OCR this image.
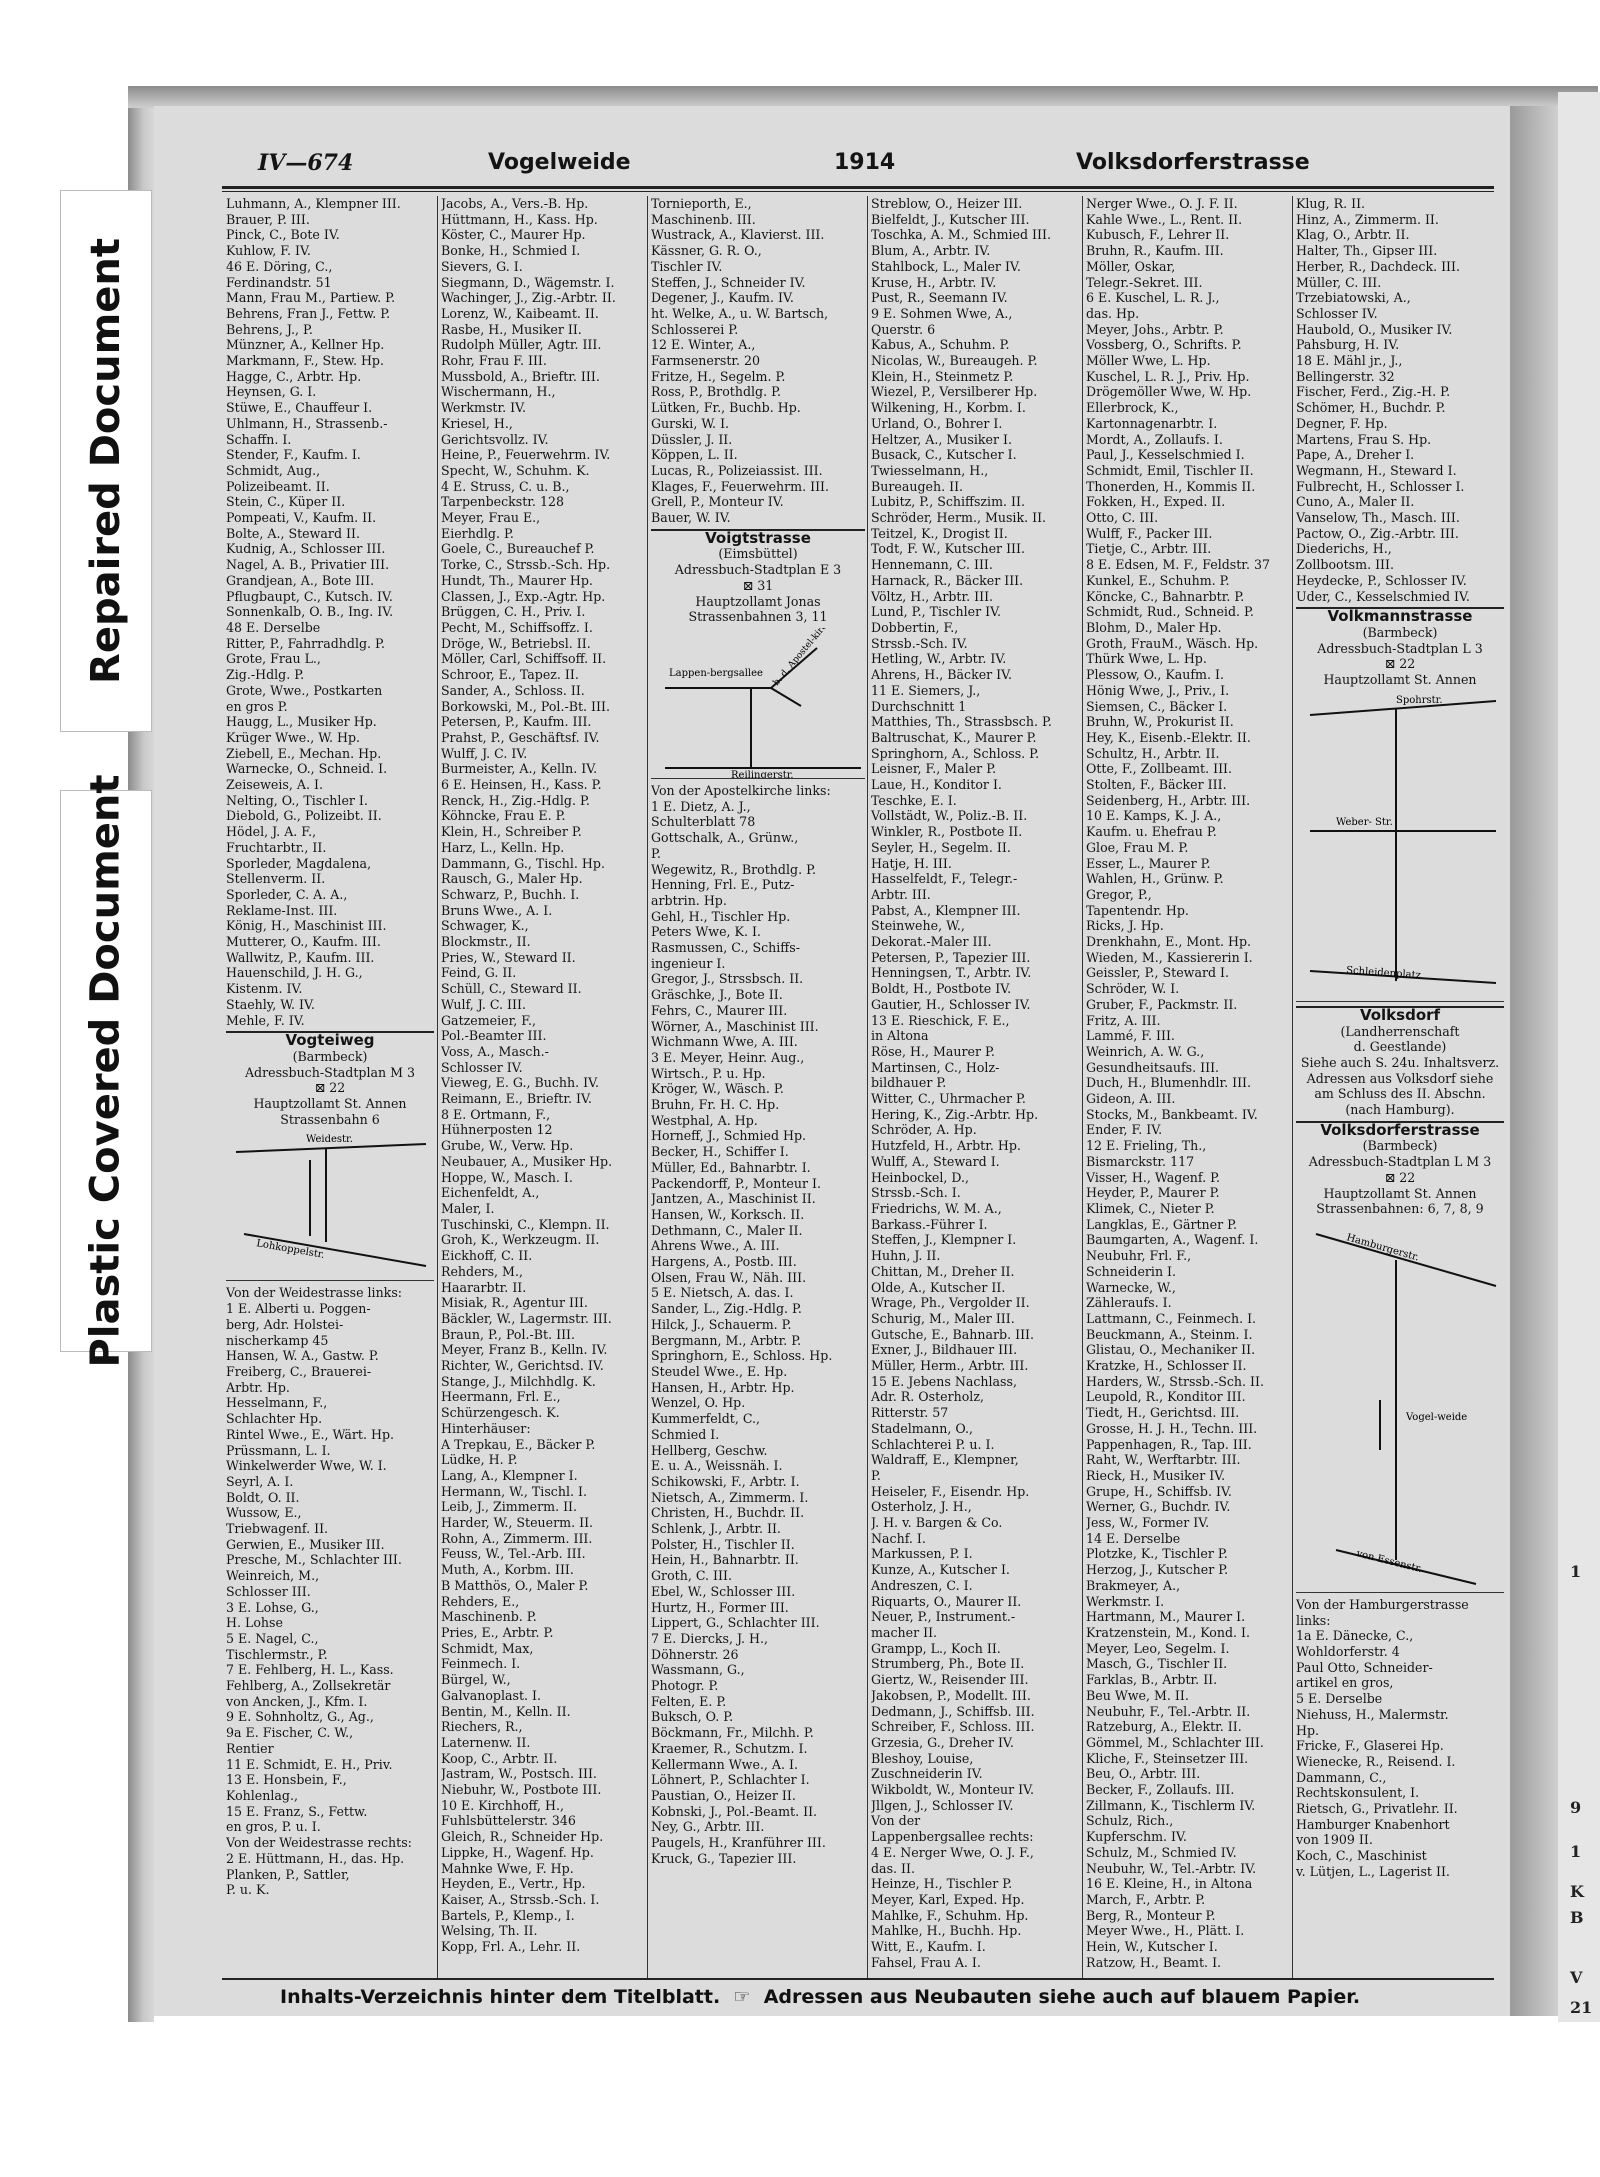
1
9
1
K
B
V
21
Repaired Document
Plastic Covered Document
IV—674	Vogelweide	1914	Volksdorferstrasse
Luhmann, A., Klempner III.
Brauer, P. III.
Pinck, C., Bote IV.
Kuhlow, F. IV.
46 E. Döring, C.,
Ferdinandstr. 51
Mann, Frau M., Partiew. P.
Behrens, Fran J., Fettw. P.
Behrens, J., P.
Münzner, A., Kellner Hp.
Markmann, F., Stew. Hp.
Hagge, C., Arbtr. Hp.
Heynsen, G. I.
Stüwe, E., Chauffeur I.
Uhlmann, H., Strassenb.-
Schaffn. I.
Stender, F., Kaufm. I.
Schmidt, Aug.,
Polizeibeamt. II.
Stein, C., Küper II.
Pompeati, V., Kaufm. II.
Bolte, A., Steward II.
Kudnig, A., Schlosser III.
Nagel, A. B., Privatier III.
Grandjean, A., Bote III.
Pflugbaupt, C., Kutsch. IV.
Sonnenkalb, O. B., Ing. IV.
48 E. Derselbe
Ritter, P., Fahrradhdlg. P.
Grote, Frau L.,
Zig.-Hdlg. P.
Grote, Wwe., Postkarten
en gros P.
Haugg, L., Musiker Hp.
Krüger Wwe., W. Hp.
Ziebell, E., Mechan. Hp.
Warnecke, O., Schneid. I.
Zeiseweis, A. I.
Nelting, O., Tischler I.
Diebold, G., Polizeibt. II.
Hödel, J. A. F.,
Fruchtarbtr., II.
Sporleder, Magdalena,
Stellenverm. II.
Sporleder, C. A. A.,
Reklame-Inst. III.
König, H., Maschinist III.
Mutterer, O., Kaufm. III.
Wallwitz, P., Kaufm. III.
Hauenschild, J. H. G.,
Kistenm. IV.
Staehly, W. IV.
Mehle, F. IV.
Vogteiweg
(Barmbeck)
Adressbuch-Stadtplan M 3
⊠ 22
Hauptzollamt St. Annen
Strassenbahn 6
Weidestr.
Lohkoppelstr.
Von der Weidestrasse links:
1 E. Alberti u. Poggen-
berg, Adr. Holstei-
nischerkamp 45
Hansen, W. A., Gastw. P.
Freiberg, C., Brauerei-
Arbtr. Hp.
Hesselmann, F.,
Schlachter Hp.
Rintel Wwe., E., Wärt. Hp.
Prüssmann, L. I.
Winkelwerder Wwe, W. I.
Seyrl, A. I.
Boldt, O. II.
Wussow, E.,
Triebwagenf. II.
Gerwien, E., Musiker III.
Presche, M., Schlachter III.
Weinreich, M.,
Schlosser III.
3 E. Lohse, G.,
H. Lohse
5 E. Nagel, C.,
Tischlermstr., P.
7 E. Fehlberg, H. L., Kass.
Fehlberg, A., Zollsekretär
von Ancken, J., Kfm. I.
9 E. Sohnholtz, G., Ag.,
9a E. Fischer, C. W.,
Rentier
11 E. Schmidt, E. H., Priv.
13 E. Honsbein, F.,
Kohlenlag.,
15 E. Franz, S., Fettw.
en gros, P. u. I.
Von der Weidestrasse rechts:
2 E. Hüttmann, H., das. Hp.
Planken, P., Sattler,
P. u. K.
Jacobs, A., Vers.-B. Hp.
Hüttmann, H., Kass. Hp.
Köster, C., Maurer Hp.
Bonke, H., Schmied I.
Sievers, G. I.
Siegmann, D., Wägemstr. I.
Wachinger, J., Zig.-Arbtr. II.
Lorenz, W., Kaibeamt. II.
Rasbe, H., Musiker II.
Rudolph Müller, Agtr. III.
Rohr, Frau F. III.
Mussbold, A., Brieftr. III.
Wischermann, H.,
Werkmstr. IV.
Kriesel, H.,
Gerichtsvollz. IV.
Heine, P., Feuerwehrm. IV.
Specht, W., Schuhm. K.
4 E. Struss, C. u. B.,
Tarpenbeckstr. 128
Meyer, Frau E.,
Eierhdlg. P.
Goele, C., Bureauchef P.
Torke, C., Strssb.-Sch. Hp.
Hundt, Th., Maurer Hp.
Classen, J., Exp.-Agtr. Hp.
Brüggen, C. H., Priv. I.
Pecht, M., Schiffsoffz. I.
Dröge, W., Betriebsl. II.
Möller, Carl, Schiffsoff. II.
Schroor, E., Tapez. II.
Sander, A., Schloss. II.
Borkowski, M., Pol.-Bt. III.
Petersen, P., Kaufm. III.
Prahst, P., Geschäftsf. IV.
Wulff, J. C. IV.
Burmeister, A., Kelln. IV.
6 E. Heinsen, H., Kass. P.
Renck, H., Zig.-Hdlg. P.
Köhncke, Frau E. P.
Klein, H., Schreiber P.
Harz, L., Kelln. Hp.
Dammann, G., Tischl. Hp.
Rausch, G., Maler Hp.
Schwarz, P., Buchh. I.
Bruns Wwe., A. I.
Schwager, K.,
Blockmstr., II.
Pries, W., Steward II.
Feind, G. II.
Schüll, C., Steward II.
Wulf, J. C. III.
Gatzemeier, F.,
Pol.-Beamter III.
Voss, A., Masch.-
Schlosser IV.
Vieweg, E. G., Buchh. IV.
Reimann, E., Brieftr. IV.
8 E. Ortmann, F.,
Hühnerposten 12
Grube, W., Verw. Hp.
Neubauer, A., Musiker Hp.
Hoppe, W., Masch. I.
Eichenfeldt, A.,
Maler, I.
Tuschinski, C., Klempn. II.
Groh, K., Werkzeugm. II.
Eickhoff, C. II.
Rehders, M.,
Haararbtr. II.
Misiak, R., Agentur III.
Bäckler, W., Lagermstr. III.
Braun, P., Pol.-Bt. III.
Meyer, Franz B., Kelln. IV.
Richter, W., Gerichtsd. IV.
Stange, J., Milchhdlg. K.
Heermann, Frl. E.,
Schürzengesch. K.
Hinterhäuser:
A Trepkau, E., Bäcker P.
Lüdke, H. P.
Lang, A., Klempner I.
Hermann, W., Tischl. I.
Leib, J., Zimmerm. II.
Harder, W., Steuerm. II.
Rohn, A., Zimmerm. III.
Feuss, W., Tel.-Arb. III.
Muth, A., Korbm. III.
B Matthös, O., Maler P.
Rehders, E.,
Maschinenb. P.
Pries, E., Arbtr. P.
Schmidt, Max,
Feinmech. I.
Bürgel, W.,
Galvanoplast. I.
Bentin, M., Kelln. II.
Riechers, R.,
Laternenw. II.
Koop, C., Arbtr. II.
Jastram, W., Postsch. III.
Niebuhr, W., Postbote III.
10 E. Kirchhoff, H.,
Fuhlsbüttelerstr. 346
Gleich, R., Schneider Hp.
Lippke, H., Wagenf. Hp.
Mahnke Wwe, F. Hp.
Heyden, E., Vertr., Hp.
Kaiser, A., Strssb.-Sch. I.
Bartels, P., Klemp., I.
Welsing, Th. II.
Kopp, Frl. A., Lehr. II.
Tornieporth, E.,
Maschinenb. III.
Wustrack, A., Klavierst. III.
Kässner, G. R. O.,
Tischler IV.
Steffen, J., Schneider IV.
Degener, J., Kaufm. IV.
ht. Welke, A., u. W. Bartsch,
Schlosserei P.
12 E. Winter, A.,
Farmsenerstr. 20
Fritze, H., Segelm. P.
Ross, P., Brothdlg. P.
Lütken, Fr., Buchb. Hp.
Gurski, W. I.
Düssler, J. II.
Köppen, L. II.
Lucas, R., Polizeiassist. III.
Klages, F., Feuerwehrm. III.
Grell, P., Monteur IV.
Bauer, W. IV.
Voigtstrasse
(Eimsbüttel)
Adressbuch-Stadtplan E 3
⊠ 31
Hauptzollamt Jonas
Strassenbahnen 3, 11
Lappen-bergsallee b. d. Apostel-kirche
Reilingerstr.
Von der Apostelkirche links:
1 E. Dietz, A. J.,
Schulterblatt 78
Gottschalk, A., Grünw.,
P.
Wegewitz, R., Brothdlg. P.
Henning, Frl. E., Putz-
arbtrin. Hp.
Gehl, H., Tischler Hp.
Peters Wwe, K. I.
Rasmussen, C., Schiffs-
ingenieur I.
Gregor, J., Strssbsch. II.
Gräschke, J., Bote II.
Fehrs, C., Maurer III.
Wörner, A., Maschinist III.
Wichmann Wwe, A. III.
3 E. Meyer, Heinr. Aug.,
Wirtsch., P. u. Hp.
Kröger, W., Wäsch. P.
Bruhn, Fr. H. C. Hp.
Westphal, A. Hp.
Horneff, J., Schmied Hp.
Becker, H., Schiffer I.
Müller, Ed., Bahnarbtr. I.
Packendorff, P., Monteur I.
Jantzen, A., Maschinist II.
Hansen, W., Korksch. II.
Dethmann, C., Maler II.
Ahrens Wwe., A. III.
Hargens, A., Postb. III.
Olsen, Frau W., Näh. III.
5 E. Nietsch, A. das. I.
Sander, L., Zig.-Hdlg. P.
Hilck, J., Schauerm. P.
Bergmann, M., Arbtr. P.
Springhorn, E., Schloss. Hp.
Steudel Wwe., E. Hp.
Hansen, H., Arbtr. Hp.
Wenzel, O. Hp.
Kummerfeldt, C.,
Schmied I.
Hellberg, Geschw.
E. u. A., Weissnäh. I.
Schikowski, F., Arbtr. I.
Nietsch, A., Zimmerm. I.
Christen, H., Buchdr. II.
Schlenk, J., Arbtr. II.
Polster, H., Tischler II.
Hein, H., Bahnarbtr. II.
Groth, C. III.
Ebel, W., Schlosser III.
Hurtz, H., Former III.
Lippert, G., Schlachter III.
7 E. Diercks, J. H.,
Döhnerstr. 26
Wassmann, G.,
Photogr. P.
Felten, E. P.
Buksch, O. P.
Böckmann, Fr., Milchh. P.
Kraemer, R., Schutzm. I.
Kellermann Wwe., A. I.
Löhnert, P., Schlachter I.
Paustian, O., Heizer II.
Kobnski, J., Pol.-Beamt. II.
Ney, G., Arbtr. III.
Paugels, H., Kranführer III.
Kruck, G., Tapezier III.
Streblow, O., Heizer III.
Bielfeldt, J., Kutscher III.
Toschka, A. M., Schmied III.
Blum, A., Arbtr. IV.
Stahlbock, L., Maler IV.
Kruse, H., Arbtr. IV.
Pust, R., Seemann IV.
9 E. Sohmen Wwe, A.,
Querstr. 6
Kabus, A., Schuhm. P.
Nicolas, W., Bureaugeh. P.
Klein, H., Steinmetz P.
Wiezel, P., Versilberer Hp.
Wilkening, H., Korbm. I.
Urland, O., Bohrer I.
Heltzer, A., Musiker I.
Busack, C., Kutscher I.
Twiesselmann, H.,
Bureaugeh. II.
Lubitz, P., Schiffszim. II.
Schröder, Herm., Musik. II.
Teitzel, K., Drogist II.
Todt, F. W., Kutscher III.
Hennemann, C. III.
Harnack, R., Bäcker III.
Völtz, H., Arbtr. III.
Lund, P., Tischler IV.
Dobbertin, F.,
Strssb.-Sch. IV.
Hetling, W., Arbtr. IV.
Ahrens, H., Bäcker IV.
11 E. Siemers, J.,
Durchschnitt 1
Matthies, Th., Strassbsch. P.
Baltruschat, K., Maurer P.
Springhorn, A., Schloss. P.
Leisner, F., Maler P.
Laue, H., Konditor I.
Teschke, E. I.
Vollstädt, W., Poliz.-B. II.
Winkler, R., Postbote II.
Seyler, H., Segelm. II.
Hatje, H. III.
Hasselfeldt, F., Telegr.-
Arbtr. III.
Pabst, A., Klempner III.
Steinwehe, W.,
Dekorat.-Maler III.
Petersen, P., Tapezier III.
Henningsen, T., Arbtr. IV.
Boldt, H., Postbote IV.
Gautier, H., Schlosser IV.
13 E. Rieschick, F. E.,
in Altona
Röse, H., Maurer P.
Martinsen, C., Holz-
bildhauer P.
Witter, C., Uhrmacher P.
Hering, K., Zig.-Arbtr. Hp.
Schröder, A. Hp.
Hutzfeld, H., Arbtr. Hp.
Wulff, A., Steward I.
Heinbockel, D.,
Strssb.-Sch. I.
Friedrichs, W. M. A.,
Barkass.-Führer I.
Steffen, J., Klempner I.
Huhn, J. II.
Chittan, M., Dreher II.
Olde, A., Kutscher II.
Wrage, Ph., Vergolder II.
Schurig, M., Maler III.
Gutsche, E., Bahnarb. III.
Exner, J., Bildhauer III.
Müller, Herm., Arbtr. III.
15 E. Jebens Nachlass,
Adr. R. Osterholz,
Ritterstr. 57
Stadelmann, O.,
Schlachterei P. u. I.
Waldraff, E., Klempner,
P.
Heiseler, F., Eisendr. Hp.
Osterholz, J. H.,
J. H. v. Bargen & Co.
Nachf. I.
Markussen, P. I.
Kunze, A., Kutscher I.
Andreszen, C. I.
Riquarts, O., Maurer II.
Neuer, P., Instrument.-
macher II.
Grampp, L., Koch II.
Strumberg, Ph., Bote II.
Giertz, W., Reisender III.
Jakobsen, P., Modellt. III.
Dedmann, J., Schiffsb. III.
Schreiber, F., Schloss. III.
Grzesia, G., Dreher IV.
Bleshoy, Louise,
Zuschneiderin IV.
Wikboldt, W., Monteur IV.
Jllgen, J., Schlosser IV.
Von der
Lappenbergsallee rechts:
4 E. Nerger Wwe, O. J. F.,
das. II.
Heinze, H., Tischler P.
Meyer, Karl, Exped. Hp.
Mahlke, F., Schuhm. Hp.
Mahlke, H., Buchh. Hp.
Witt, E., Kaufm. I.
Fahsel, Frau A. I.
Nerger Wwe., O. J. F. II.
Kahle Wwe., L., Rent. II.
Kubusch, F., Lehrer II.
Bruhn, R., Kaufm. III.
Möller, Oskar,
Telegr.-Sekret. III.
6 E. Kuschel, L. R. J.,
das. Hp.
Meyer, Johs., Arbtr. P.
Vossberg, O., Schrifts. P.
Möller Wwe, L. Hp.
Kuschel, L. R. J., Priv. Hp.
Drögemöller Wwe, W. Hp.
Ellerbrock, K.,
Kartonnagenarbtr. I.
Mordt, A., Zollaufs. I.
Paul, J., Kesselschmied I.
Schmidt, Emil, Tischler II.
Thonerden, H., Kommis II.
Fokken, H., Exped. II.
Otto, C. III.
Wulff, F., Packer III.
Tietje, C., Arbtr. III.
8 E. Edsen, M. F., Feldstr. 37
Kunkel, E., Schuhm. P.
Köncke, C., Bahnarbtr. P.
Schmidt, Rud., Schneid. P.
Blohm, D., Maler Hp.
Groth, FrauM., Wäsch. Hp.
Thürk Wwe, L. Hp.
Plessow, O., Kaufm. I.
Hönig Wwe, J., Priv., I.
Siemsen, C., Bäcker I.
Bruhn, W., Prokurist II.
Hey, K., Eisenb.-Elektr. II.
Schultz, H., Arbtr. II.
Otte, F., Zollbeamt. III.
Stolten, F., Bäcker III.
Seidenberg, H., Arbtr. III.
10 E. Kamps, K. J. A.,
Kaufm. u. Ehefrau P.
Gloe, Frau M. P.
Esser, L., Maurer P.
Wahlen, H., Grünw. P.
Gregor, P.,
Tapentendr. Hp.
Ricks, J. Hp.
Drenkhahn, E., Mont. Hp.
Wieden, M., Kassiererin I.
Geissler, P., Steward I.
Schröder, W. I.
Gruber, F., Packmstr. II.
Fritz, A. III.
Lammé, F. III.
Weinrich, A. W. G.,
Gesundheitsaufs. III.
Duch, H., Blumenhdlr. III.
Gideon, A. III.
Stocks, M., Bankbeamt. IV.
Ender, F. IV.
12 E. Frieling, Th.,
Bismarckstr. 117
Visser, H., Wagenf. P.
Heyder, P., Maurer P.
Klimek, C., Nieter P.
Langklas, E., Gärtner P.
Baumgarten, A., Wagenf. I.
Neubuhr, Frl. F.,
Schneiderin I.
Warnecke, W.,
Zähleraufs. I.
Lattmann, C., Feinmech. I.
Beuckmann, A., Steinm. I.
Glistau, O., Mechaniker II.
Kratzke, H., Schlosser II.
Harders, W., Strssb.-Sch. II.
Leupold, R., Konditor III.
Tiedt, H., Gerichtsd. III.
Grosse, H. J. H., Techn. III.
Pappenhagen, R., Tap. III.
Raht, W., Werftarbtr. III.
Rieck, H., Musiker IV.
Grupe, H., Schiffsb. IV.
Werner, G., Buchdr. IV.
Jess, W., Former IV.
14 E. Derselbe
Plotzke, K., Tischler P.
Herzog, J., Kutscher P.
Brakmeyer, A.,
Werkmstr. I.
Hartmann, M., Maurer I.
Kratzenstein, M., Kond. I.
Meyer, Leo, Segelm. I.
Masch, G., Tischler II.
Farklas, B., Arbtr. II.
Beu Wwe, M. II.
Neubuhr, F., Tel.-Arbtr. II.
Ratzeburg, A., Elektr. II.
Gömmel, M., Schlachter III.
Kliche, F., Steinsetzer III.
Beu, O., Arbtr. III.
Becker, F., Zollaufs. III.
Zillmann, K., Tischlerm IV.
Schulz, Rich.,
Kupferschm. IV.
Schulz, M., Schmied IV.
Neubuhr, W., Tel.-Arbtr. IV.
16 E. Kleine, H., in Altona
March, F., Arbtr. P.
Berg, R., Monteur P.
Meyer Wwe., H., Plätt. I.
Hein, W., Kutscher I.
Ratzow, H., Beamt. I.
Klug, R. II.
Hinz, A., Zimmerm. II.
Klag, O., Arbtr. II.
Halter, Th., Gipser III.
Herber, R., Dachdeck. III.
Müller, C. III.
Trzebiatowski, A.,
Schlosser IV.
Haubold, O., Musiker IV.
Pahsburg, H. IV.
18 E. Mähl jr., J.,
Bellingerstr. 32
Fischer, Ferd., Zig.-H. P.
Schömer, H., Buchdr. P.
Degner, F. Hp.
Martens, Frau S. Hp.
Pape, A., Dreher I.
Wegmann, H., Steward I.
Fulbrecht, H., Schlosser I.
Cuno, A., Maler II.
Vanselow, Th., Masch. III.
Pactow, O., Zig.-Arbtr. III.
Diederichs, H.,
Zollbootsm. III.
Heydecke, P., Schlosser IV.
Uder, C., Kesselschmied IV.
Volkmannstrasse
(Barmbeck)
Adressbuch-Stadtplan L 3
⊠ 22
Hauptzollamt St. Annen
Spohrstr.
Weber- Str.
Schleidenplatz
Volksdorf
(Landherrenschaft
d. Geestlande)
Siehe auch S. 24u. Inhaltsverz.
Adressen aus Volksdorf siehe
am Schluss des II. Abschn.
(nach Hamburg).
Volksdorferstrasse
(Barmbeck)
Adressbuch-Stadtplan L M 3
⊠ 22
Hauptzollamt St. Annen
Strassenbahnen: 6, 7, 8, 9
Hamburgerstr.
Vogel-weide
von Essenstr.
Von der Hamburgerstrasse
links:
1a E. Dänecke, C.,
Wohldorferstr. 4
Paul Otto, Schneider-
artikel en gros,
5 E. Derselbe
Niehuss, H., Malermstr.
Hp.
Fricke, F., Glaserei Hp.
Wienecke, R., Reisend. I.
Dammann, C.,
Rechtskonsulent, I.
Rietsch, G., Privatlehr. II.
Hamburger Knabenhort
von 1909 II.
Koch, C., Maschinist
v. Lütjen, L., Lagerist II.
Inhalts-Verzeichnis hinter dem Titelblatt.  ☞  Adressen aus Neubauten siehe auch auf blauem Papier.
